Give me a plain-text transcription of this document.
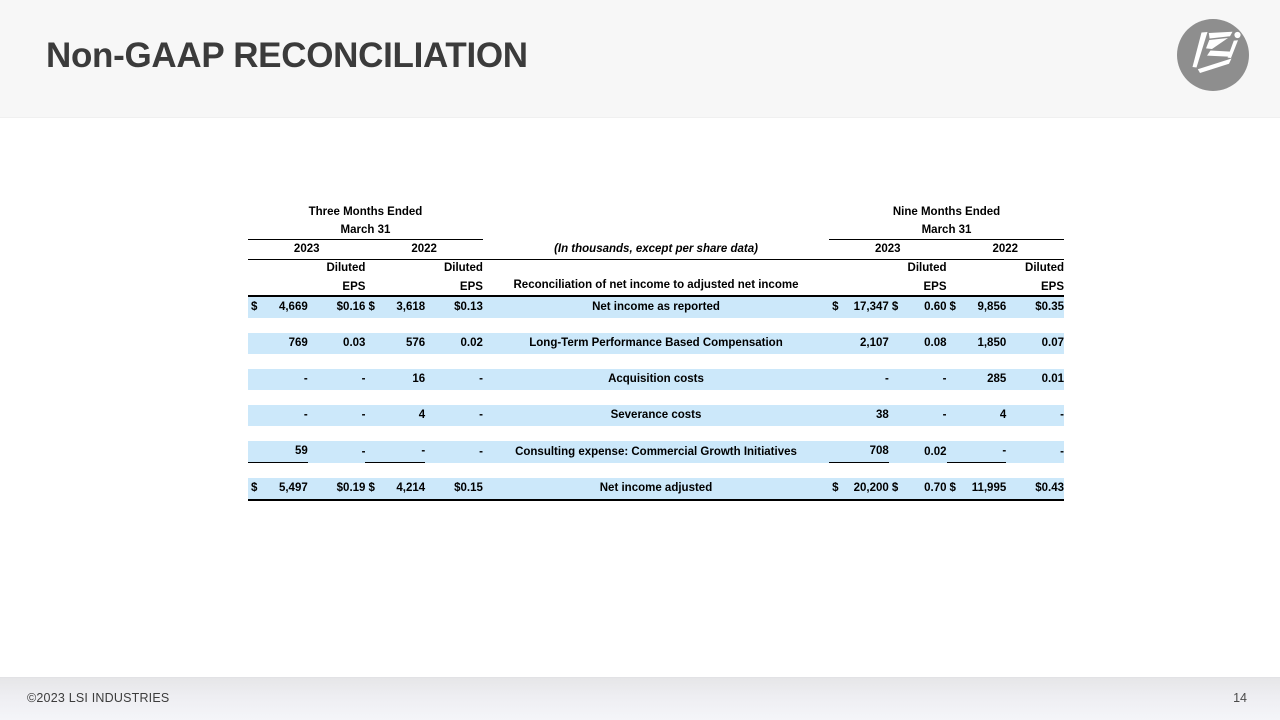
Non-GAAP RECONCILIATION
Three Months Ended					Nine Months Ended			
March 31					March 31			
2023		2022		(In thousands, except per share data)	2023		2022	
	Diluted		Diluted			Diluted		Diluted
	EPS		EPS	Reconciliation of net income to adjusted net income		EPS		EPS

$ 4,669	$0.16	$ 3,618	$0.13	Net income as reported	$ 17,347	$ 0.60	$ 9,856	$0.35

769	0.03	576	0.02	Long-Term Performance Based Compensation	2,107	0.08	1,850	0.07

-	-	16	-	Acquisition costs	-	-	285	0.01

-	-	4	-	Severance costs	38	-	4	-

59	-	-	-	Consulting expense: Commercial Growth Initiatives	708	0.02	-	-

$ 5,497	$0.19	$ 4,214	$0.15	Net income adjusted	$ 20,200	$ 0.70	$ 11,995	$0.43
©2023 LSI INDUSTRIES	14
